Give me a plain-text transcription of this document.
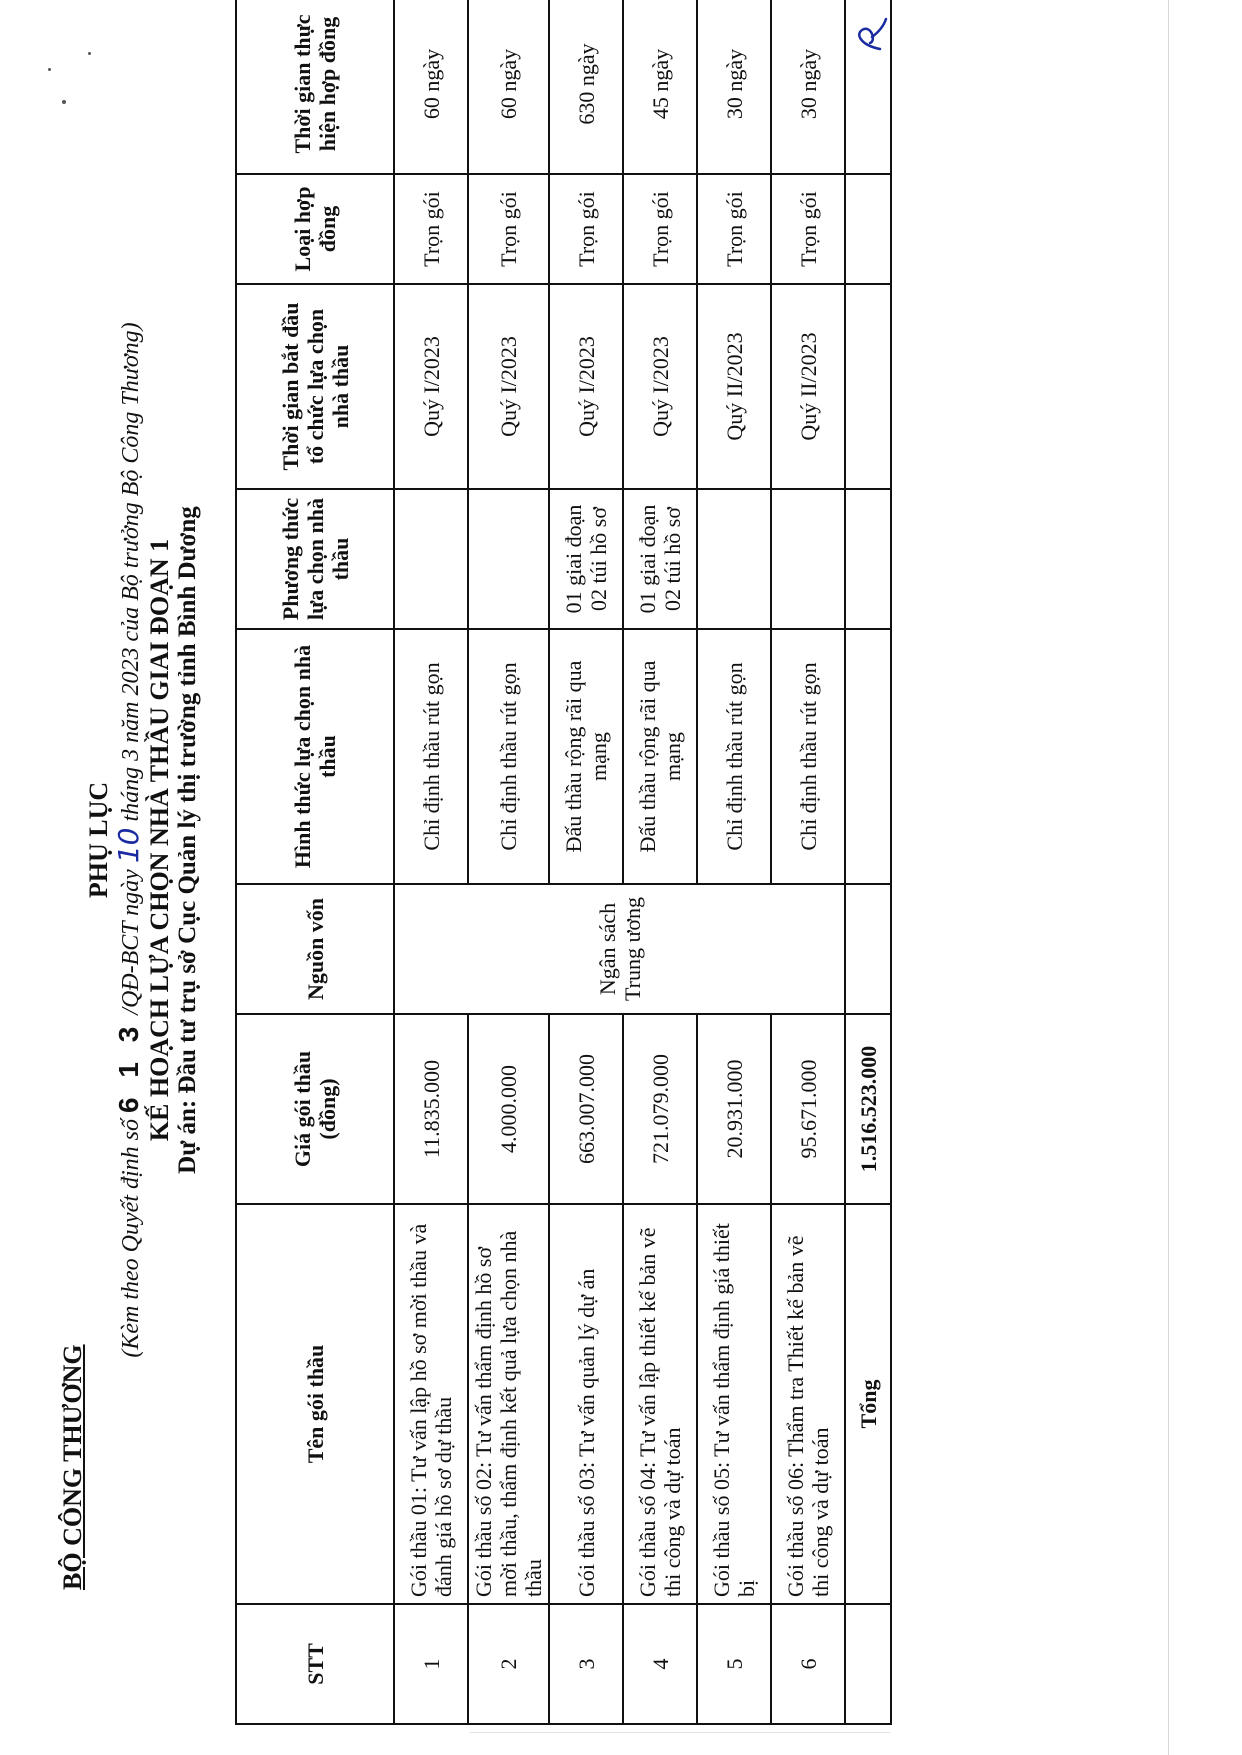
BỘ CÔNG THƯƠNG
PHỤ LỤC
(Kèm theo Quyết định số 6 1 3 /QĐ-BCT ngày 10 tháng 3 năm 2023 của Bộ trưởng Bộ Công Thương) KẾ HOẠCH LỰA CHỌN NHÀ THẦU GIAI ĐOẠN 1 Dự án: Đầu tư trụ sở Cục Quản lý thị trường tỉnh Bình Dương
STT	Tên gói thầu	Giá gói thầu (đồng)	Nguồn vốn	Hình thức lựa chọn nhà thầu	Phương thức lựa chọn nhà thầu	Thời gian bắt đầu tổ chức lựa chọn nhà thầu	Loại hợp đồng	Thời gian thực hiện hợp đồng
1	Gói thầu 01: Tư vấn lập hồ sơ mời thầu và đánh giá hồ sơ dự thầu	11.835.000	Ngân sách Trung ương	Chỉ định thầu rút gọn		Quý I/2023	Trọn gói	60 ngày
2	Gói thầu số 02: Tư vấn thẩm định hồ sơ mời thầu, thẩm định kết quả lựa chọn nhà thầu	4.000.000		Chỉ định thầu rút gọn		Quý I/2023	Trọn gói	60 ngày
3	Gói thầu số 03: Tư vấn quản lý dự án	663.007.000		Đấu thầu rộng rãi qua mạng	01 giai đoạn 02 túi hồ sơ	Quý I/2023	Trọn gói	630 ngày
4	Gói thầu số 04: Tư vấn lập thiết kế bản vẽ thi công và dự toán	721.079.000		Đấu thầu rộng rãi qua mạng	01 giai đoạn 02 túi hồ sơ	Quý I/2023	Trọn gói	45 ngày
5	Gói thầu số 05: Tư vấn thẩm định giá thiết bị	20.931.000		Chỉ định thầu rút gọn		Quý II/2023	Trọn gói	30 ngày
6	Gói thầu số 06: Thẩm tra Thiết kế bản vẽ thi công và dự toán	95.671.000		Chỉ định thầu rút gọn		Quý II/2023	Trọn gói	30 ngày
	Tổng	1.516.523.000						
